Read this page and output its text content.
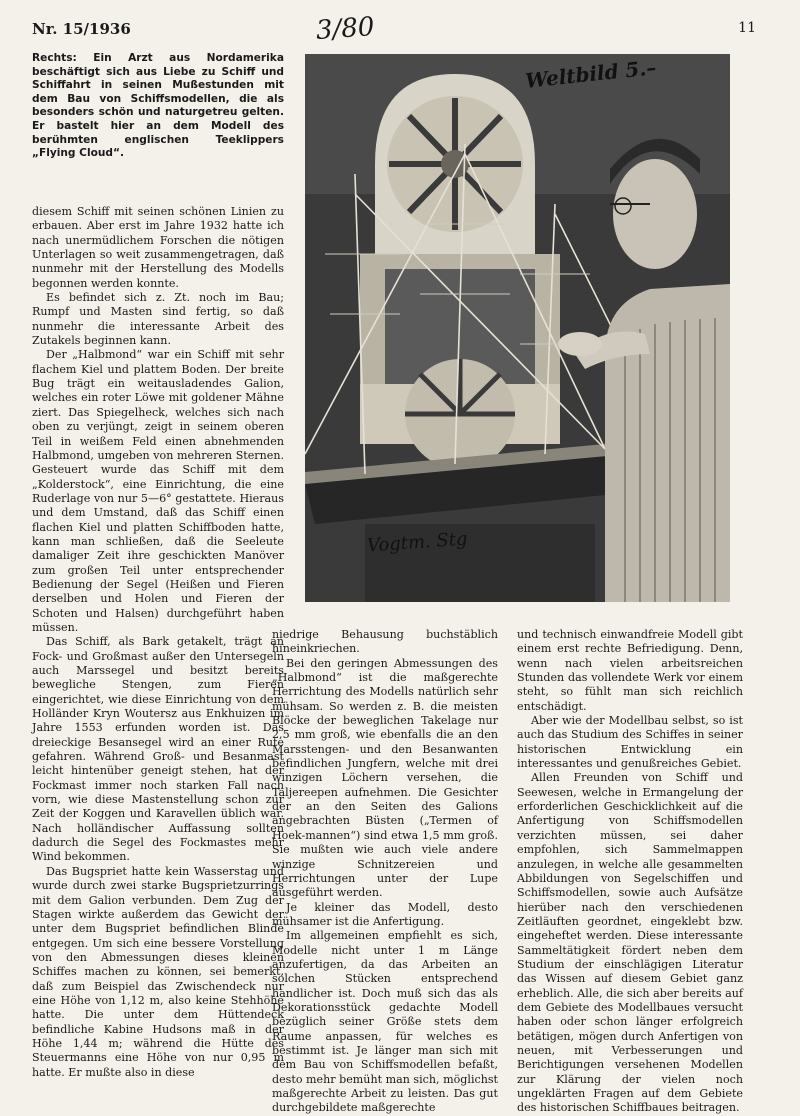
Nr. 15/1936	3/80	11
Rechts: Ein Arzt aus Nordamerika beschäftigt sich aus Liebe zu Schiff und Schiffahrt in seinen Mußestunden mit dem Bau von Schiffsmodellen, die als besonders schön und naturgetreu gelten. Er bastelt hier an dem Modell des berühmten englischen Teeklippers „Flying Cloud“.
Weltbild 5.–
Vogtm. Stg

diesem Schiff mit seinen schönen Linien zu erbauen. Aber erst im Jahre 1932 hatte ich nach unermüdlichem Forschen die nötigen Unterlagen so weit zusammengetragen, daß nunmehr mit der Herstellung des Modells begonnen werden konnte.

Es befindet sich z. Zt. noch im Bau; Rumpf und Masten sind fertig, so daß nunmehr die interessante Arbeit des Zutakels beginnen kann.

Der „Halbmond“ war ein Schiff mit sehr flachem Kiel und plattem Boden. Der breite Bug trägt ein weitausladendes Galion, welches ein roter Löwe mit goldener Mähne ziert. Das Spiegelheck, welches sich nach oben zu verjüngt, zeigt in seinem oberen Teil in weißem Feld einen abnehmenden Halbmond, umgeben von mehreren Sternen. Gesteuert wurde das Schiff mit dem „Kolderstock“, eine Einrichtung, die eine Ruderlage von nur 5—6° gestattete. Hieraus und dem Umstand, daß das Schiff einen flachen Kiel und platten Schiffboden hatte, kann man schließen, daß die Seeleute damaliger Zeit ihre geschickten Manöver zum großen Teil unter entsprechender Bedienung der Segel (Heißen und Fieren derselben und Holen und Fieren der Schoten und Halsen) durchgeführt haben müssen.

Das Schiff, als Bark getakelt, trägt an Fock- und Großmast außer den Untersegeln auch Marssegel und besitzt bereits bewegliche Stengen, zum Fieren eingerichtet, wie diese Einrichtung von dem Holländer Kryn Woutersz aus Enkhuizen im Jahre 1553 erfunden worden ist. Das dreieckige Besansegel wird an einer Rute gefahren. Während Groß- und Besanmast leicht hintenüber geneigt stehen, hat der Fockmast immer noch starken Fall nach vorn, wie diese Mastenstellung schon zur Zeit der Koggen und Karavellen üblich war. Nach holländischer Auffassung sollten dadurch die Segel des Fockmastes mehr Wind bekommen.

Das Bugspriet hatte kein Wasserstag und wurde durch zwei starke Bugsprietzurrings mit dem Galion verbunden. Dem Zug der Stagen wirkte außerdem das Gewicht der unter dem Bugspriet befindlichen Blinde entgegen. Um sich eine bessere Vorstellung von den Abmessungen dieses kleinen Schiffes machen zu können, sei bemerkt, daß zum Beispiel das Zwischendeck nur eine Höhe von 1,12 m, also keine Stehhöhe hatte. Die unter dem Hüttendeck befindliche Kabine Hudsons maß in der Höhe 1,44 m; während die Hütte des Steuermanns eine Höhe von nur 0,95 m hatte. Er mußte also in diese

niedrige Behausung buchstäblich hineinkriechen.

Bei den geringen Abmessungen des „Halbmond“ ist die maßgerechte Herrichtung des Modells natürlich sehr mühsam. So werden z. B. die meisten Blöcke der beweglichen Takelage nur 2,5 mm groß, wie ebenfalls die an den Marsstengen- und den Besanwanten befindlichen Jungfern, welche mit drei winzigen Löchern versehen, die Taljereepen aufnehmen. Die Gesichter der an den Seiten des Galions angebrachten Büsten („Termen of Hoek-mannen“) sind etwa 1,5 mm groß. Sie mußten wie auch viele andere winzige Schnitzereien und Herrichtungen unter der Lupe ausgeführt werden.

Je kleiner das Modell, desto mühsamer ist die Anfertigung.

Im allgemeinen empfiehlt es sich, Modelle nicht unter 1 m Länge anzufertigen, da das Arbeiten an solchen Stücken entsprechend handlicher ist. Doch muß sich das als Dekorationsstück gedachte Modell bezüglich seiner Größe stets dem Raume anpassen, für welches es bestimmt ist. Je länger man sich mit dem Bau von Schiffsmodellen befaßt, desto mehr bemüht man sich, möglichst maßgerechte Arbeit zu leisten. Das gut durchgebildete maßgerechte

und technisch einwandfreie Modell gibt einem erst rechte Befriedigung. Denn, wenn nach vielen arbeitsreichen Stunden das vollendete Werk vor einem steht, so fühlt man sich reichlich entschädigt.

Aber wie der Modellbau selbst, so ist auch das Studium des Schiffes in seiner historischen Entwicklung ein interessantes und genußreiches Gebiet.

Allen Freunden von Schiff und Seewesen, welche in Ermangelung der erforderlichen Geschicklichkeit auf die Anfertigung von Schiffsmodellen verzichten müssen, sei daher empfohlen, sich Sammelmappen anzulegen, in welche alle gesammelten Abbildungen von Segelschiffen und Schiffsmodellen, sowie auch Aufsätze hierüber nach den verschiedenen Zeitläuften geordnet, eingeklebt bzw. eingeheftet werden. Diese interessante Sammeltätigkeit fördert neben dem Studium der einschlägigen Literatur das Wissen auf diesem Gebiet ganz erheblich. Alle, die sich aber bereits auf dem Gebiete des Modellbaues versucht haben oder schon länger erfolgreich betätigen, mögen durch Anfertigen von neuen, mit Verbesserungen und Berichtigungen versehenen Modellen zur Klärung der vielen noch ungeklärten Fragen auf dem Gebiete des historischen Schiffbaues beitragen.
